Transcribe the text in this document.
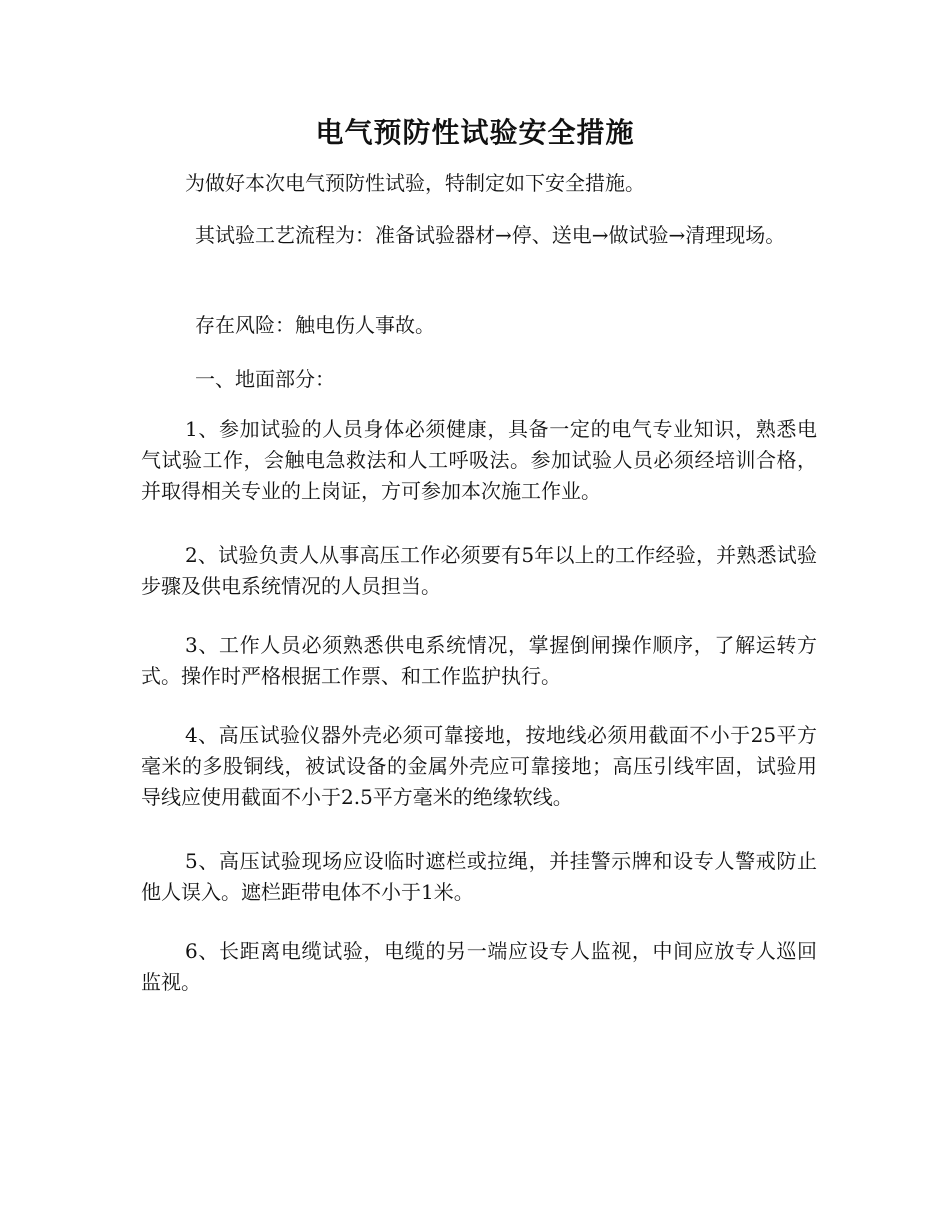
电气预防性试验安全措施

为做好本次电气预防性试验，特制定如下安全措施。

其试验工艺流程为：准备试验器材→停、送电→做试验→清理现场。

存在风险：触电伤人事故。

一、地面部分：

1、参加试验的人员身体必须健康，具备一定的电气专业知识，熟悉电气试验工作，会触电急救法和人工呼吸法。参加试验人员必须经培训合格，并取得相关专业的上岗证，方可参加本次施工作业。

2、试验负责人从事高压工作必须要有5年以上的工作经验，并熟悉试验步骤及供电系统情况的人员担当。

3、工作人员必须熟悉供电系统情况，掌握倒闸操作顺序，了解运转方式。操作时严格根据工作票、和工作监护执行。

4、高压试验仪器外壳必须可靠接地，按地线必须用截面不小于25平方毫米的多股铜线，被试设备的金属外壳应可靠接地；高压引线牢固，试验用导线应使用截面不小于2.5平方毫米的绝缘软线。

5、高压试验现场应设临时遮栏或拉绳，并挂警示牌和设专人警戒防止他人误入。遮栏距带电体不小于1米。

6、长距离电缆试验，电缆的另一端应设专人监视，中间应放专人巡回监视。
